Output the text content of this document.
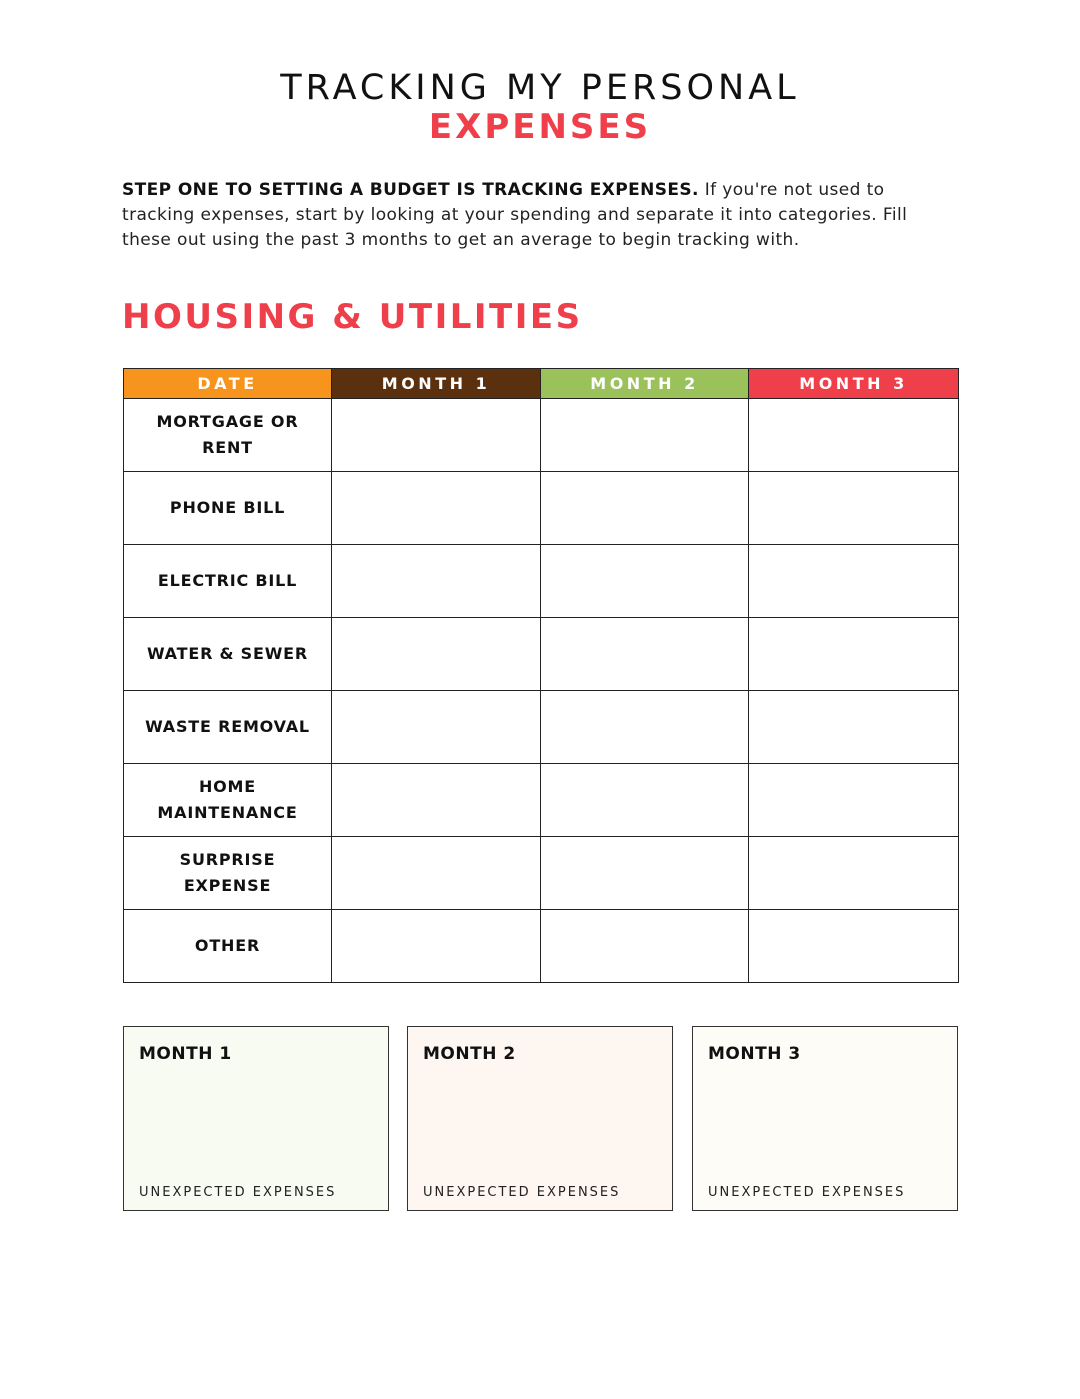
TRACKING MY PERSONAL
EXPENSES
STEP ONE TO SETTING A BUDGET IS TRACKING EXPENSES. If you're not used to tracking expenses, start by looking at your spending and separate it into categories. Fill these out using the past 3 months to get an average to begin tracking with.
HOUSING & UTILITIES
DATE	MONTH 1	MONTH 2	MONTH 3
MORTGAGE OR RENT			
PHONE BILL			
ELECTRIC BILL			
WATER & SEWER			
WASTE REMOVAL			
HOME MAINTENANCE			
SURPRISE EXPENSE			
OTHER			
MONTH 1
UNEXPECTED EXPENSES
MONTH 2
UNEXPECTED EXPENSES
MONTH 3
UNEXPECTED EXPENSES
